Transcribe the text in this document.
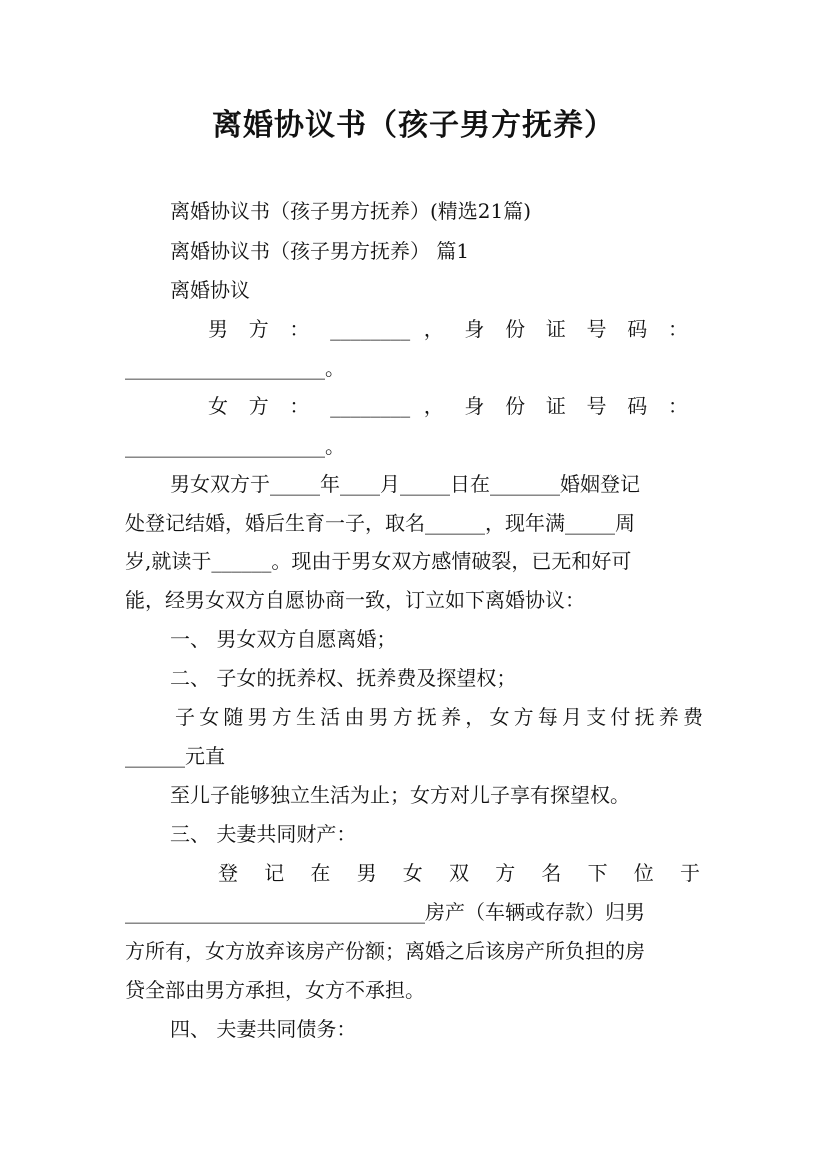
离婚协议书（孩子男方抚养）
离婚协议书（孩子男方抚养）(精选21篇)
离婚协议书（孩子男方抚养） 篇1
离婚协议
男 方 ： ________ ， 身 份 证 号 码 ：
____________________。
女 方 ： ________ ， 身 份 证 号 码 ：
____________________。
男女双方于_____年____月_____日在_______婚姻登记
处登记结婚，婚后生育一子，取名______，现年满_____周
岁,就读于______。现由于男女双方感情破裂，已无和好可
能，经男女双方自愿协商一致，订立如下离婚协议：
一、 男女双方自愿离婚；
二、 子女的抚养权、抚养费及探望权；
子女随男方生活由男方抚养，女方每月支付抚养费
______元直
至儿子能够独立生活为止；女方对儿子享有探望权。
三、 夫妻共同财产：
登 记 在 男 女 双 方 名 下 位 于
______________________________房产（车辆或存款）归男
方所有，女方放弃该房产份额；离婚之后该房产所负担的房
贷全部由男方承担，女方不承担。
四、 夫妻共同债务：
